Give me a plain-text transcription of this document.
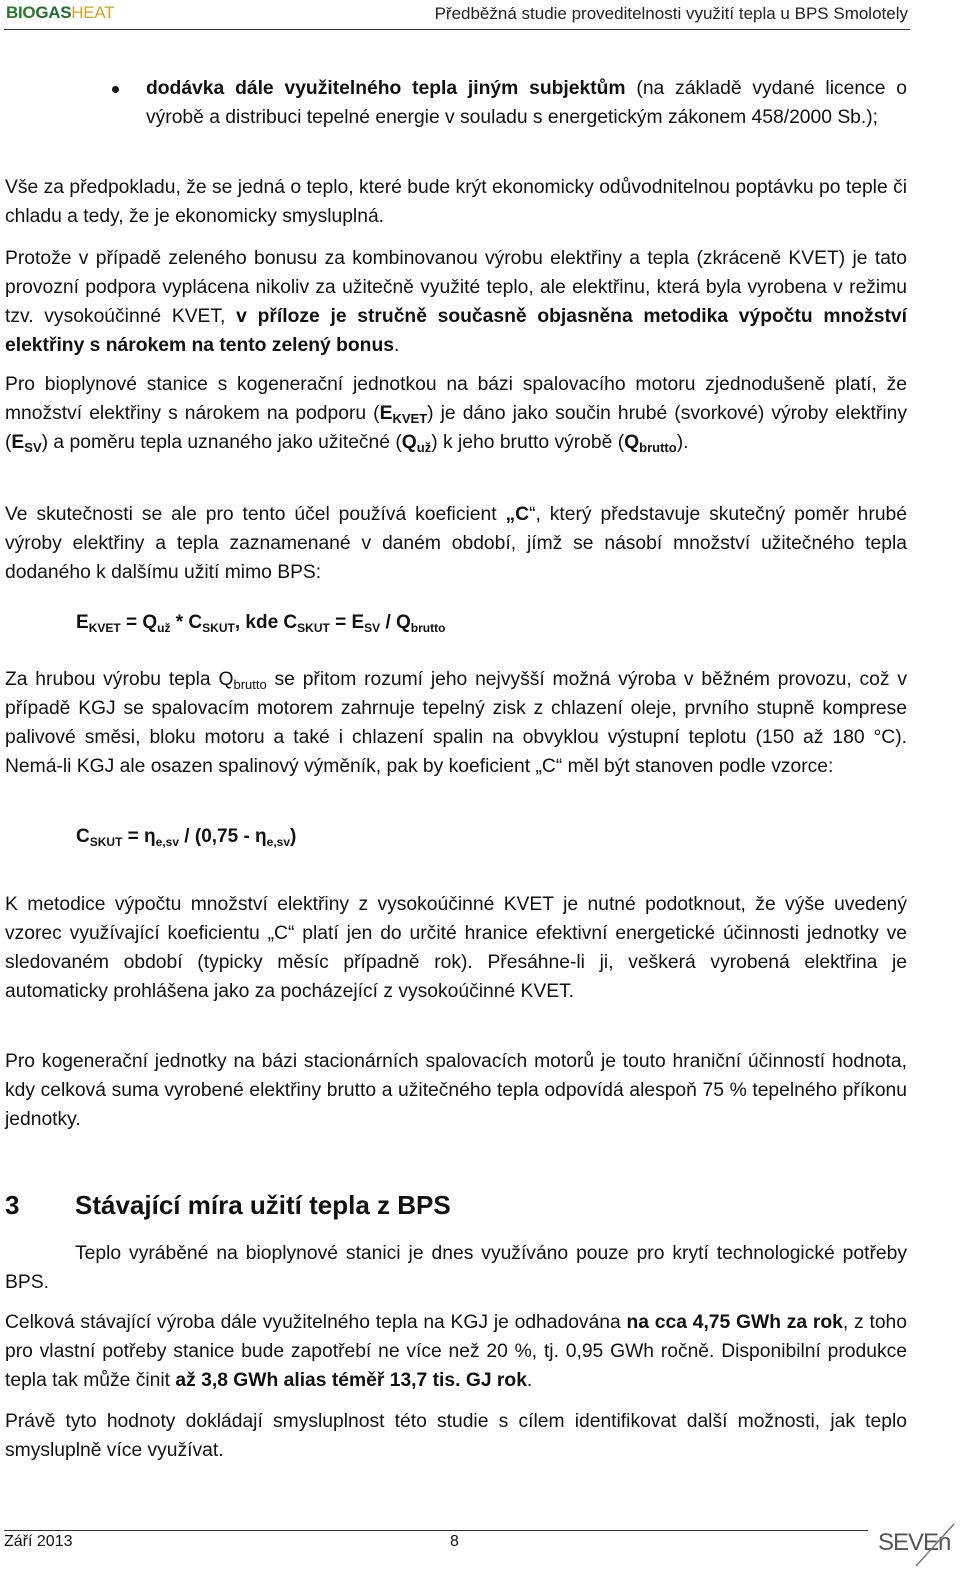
BIOGASHEAT	Předběžná studie proveditelnosti využití tepla u BPS Smolotely
dodávka dále využitelného tepla jiným subjektům (na základě vydané licence o výrobě a distribuci tepelné energie v souladu s energetickým zákonem 458/2000 Sb.);

Vše za předpokladu, že se jedná o teplo, které bude krýt ekonomicky odůvodnitelnou poptávku po teple či chladu a tedy, že je ekonomicky smysluplná.

Protože v případě zeleného bonusu za kombinovanou výrobu elektřiny a tepla (zkráceně KVET) je tato provozní podpora vyplácena nikoliv za užitečně využité teplo, ale elektřinu, která byla vyrobena v režimu tzv. vysokoúčinné KVET, v příloze je stručně současně objasněna metodika výpočtu množství elektřiny s nárokem na tento zelený bonus.

Pro bioplynové stanice s kogenerační jednotkou na bázi spalovacího motoru zjednodušeně platí, že množství elektřiny s nárokem na podporu $(E_{KVET})$ je dáno jako součin hrubé (svorkové) výroby elektřiny $(E_{SV})$ a poměru tepla uznaného jako užitečné $(Q_{už})$ k jeho brutto výrobě $(Q_{brutto})$.

Ve skutečnosti se ale pro tento účel používá koeficient „C“, který představuje skutečný poměr hrubé výroby elektřiny a tepla zaznamenané v daném období, jímž se násobí množství užitečného tepla dodaného k dalšímu užití mimo BPS:

$E_{KVET} = Q_{už} * C_{SKUT}$, kde $C_{SKUT} = E_{SV} / Q_{brutto}$

Za hrubou výrobu tepla $Q_{brutto}$ se přitom rozumí jeho nejvyšší možná výroba v běžném provozu, což v případě KGJ se spalovacím motorem zahrnuje tepelný zisk z chlazení oleje, prvního stupně komprese palivové směsi, bloku motoru a také i chlazení spalin na obvyklou výstupní teplotu (150 až 180 °C). Nemá-li KGJ ale osazen spalinový výměník, pak by koeficient „C“ měl být stanoven podle vzorce:

$C_{SKUT} = \eta_{e,sv} / (0,75 - \eta_{e,sv})$

K metodice výpočtu množství elektřiny z vysokoúčinné KVET je nutné podotknout, že výše uvedený vzorec využívající koeficientu „C“ platí jen do určité hranice efektivní energetické účinnosti jednotky ve sledovaném období (typicky měsíc případně rok). Přesáhne-li ji, veškerá vyrobená elektřina je automaticky prohlášena jako za pocházející z vysokoúčinné KVET.

Pro kogenerační jednotky na bázi stacionárních spalovacích motorů je touto hraniční účinností hodnota, kdy celková suma vyrobené elektřiny brutto a užitečného tepla odpovídá alespoň 75 % tepelného příkonu jednotky.

3 Stávající míra užití tepla z BPS

Teplo vyráběné na bioplynové stanici je dnes využíváno pouze pro krytí technologické potřeby BPS.

Celková stávající výroba dále využitelného tepla na KGJ je odhadována na cca 4,75 GWh za rok, z toho pro vlastní potřeby stanice bude zapotřebí ne více než 20 %, tj. 0,95 GWh ročně. Disponibilní produkce tepla tak může činit až 3,8 GWh alias téměř 13,7 tis. GJ rok.

Právě tyto hodnoty dokládají smysluplnost této studie s cílem identifikovat další možnosti, jak teplo smysluplně více využívat.

Září 2013	8	SEVEn
